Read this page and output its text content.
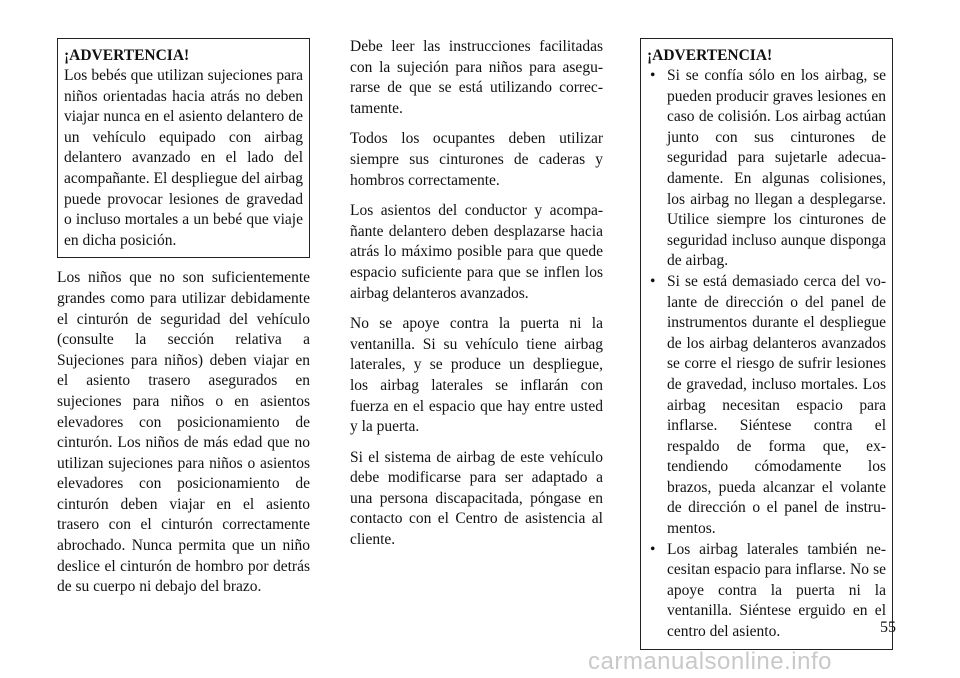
¡ADVERTENCIA!
Los bebés que utilizan sujeciones para niños orientadas hacia atrás no deben viajar nunca en el asiento delantero de un vehículo equipado con airbag delantero avanzado en el lado del acompañante. El despliegue del airbag puede provocar lesiones de gravedad o incluso mortales a un bebé que viaje en dicha posición.
Los niños que no son suficientemente grandes como para utilizar debidamente el cinturón de seguridad del vehículo (consulte la sección relativa a Sujeciones para niños) deben viajar en el asiento trasero asegurados en sujeciones para niños o en asientos elevadores con posicionamiento de cinturón. Los niños de más edad que no utilizan sujeciones para niños o asientos elevadores con posicionamiento de cinturón deben viajar en el asiento trasero con el cinturón correctamente abrochado. Nunca permita que un niño deslice el cinturón de hombro por detrás de su cuerpo ni debajo del brazo.

Debe leer las instrucciones facilitadas con la sujeción para niños para asegurarse de que se está utilizando correctamente.

Todos los ocupantes deben utilizar siempre sus cinturones de caderas y hombros correctamente.

Los asientos del conductor y acompañante delantero deben desplazarse hacia atrás lo máximo posible para que quede espacio suficiente para que se inflen los airbag delanteros avanzados.

No se apoye contra la puerta ni la ventanilla. Si su vehículo tiene airbag laterales, y se produce un despliegue, los airbag laterales se inflarán con fuerza en el espacio que hay entre usted y la puerta.

Si el sistema de airbag de este vehículo debe modificarse para ser adaptado a una persona discapacitada, póngase en contacto con el Centro de asistencia al cliente.

¡ADVERTENCIA!
• Si se confía sólo en los airbag, se pueden producir graves lesiones en caso de colisión. Los airbag actúan junto con sus cinturones de seguridad para sujetarle adecuadamente. En algunas colisiones, los airbag no llegan a desplegarse. Utilice siempre los cinturones de seguridad incluso aunque disponga de airbag.
• Si se está demasiado cerca del volante de dirección o del panel de instrumentos durante el despliegue de los airbag delanteros avanzados se corre el riesgo de sufrir lesiones de gravedad, incluso mortales. Los airbag necesitan espacio para inflarse. Siéntese contra el respaldo de forma que, extendiendo cómodamente los brazos, pueda alcanzar el volante de dirección o el panel de instrumentos.
• Los airbag laterales también necesitan espacio para inflarse. No se apoye contra la puerta ni la ventanilla. Siéntese erguido en el centro del asiento.	55
carmanualsonline.info
